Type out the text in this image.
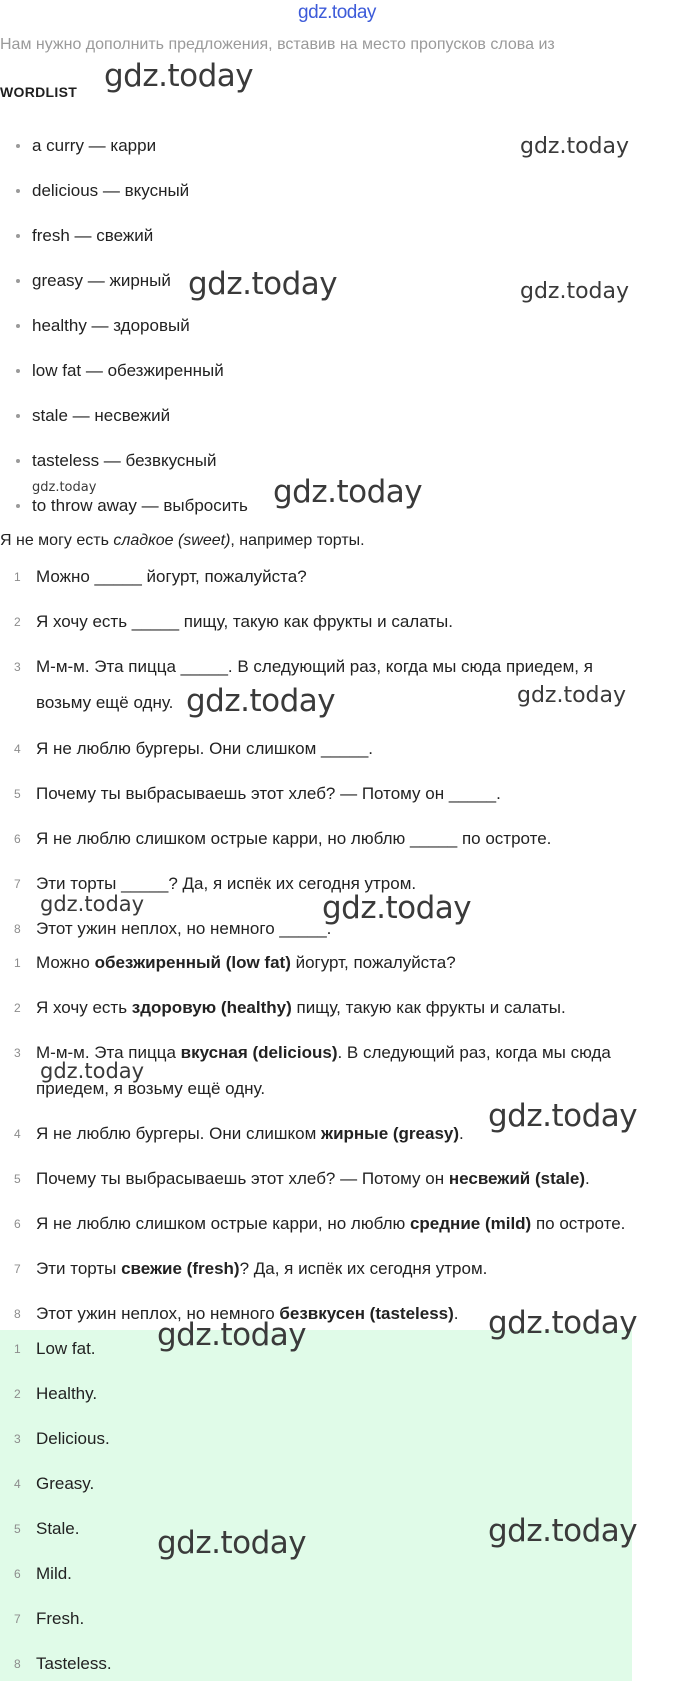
gdz.today
Нам нужно дополнить предложения, вставив на место пропусков слова из
WORDLIST
a curry — карри
delicious — вкусный
fresh — свежий
greasy — жирный
healthy — здоровый
low fat — обезжиренный
stale — несвежий
tasteless — безвкусный
to throw away — выбросить
Я не могу есть сладкое (sweet), например торты.
1 Можно _____ йогурт, пожалуйста?
2 Я хочу есть _____ пищу, такую как фрукты и салаты.
3 М-м-м. Эта пицца _____. В следующий раз, когда мы сюда приедем, я
возьму ещё одну.
4 Я не люблю бургеры. Они слишком _____.
5 Почему ты выбрасываешь этот хлеб? — Потому он _____.
6 Я не люблю слишком острые карри, но люблю _____ по остроте.
7 Эти торты _____? Да, я испёк их сегодня утром.
8 Этот ужин неплох, но немного _____.
1 Можно обезжиренный (low fat) йогурт, пожалуйста?
2 Я хочу есть здоровую (healthy) пищу, такую как фрукты и салаты.
3 М-м-м. Эта пицца вкусная (delicious). В следующий раз, когда мы сюда
приедем, я возьму ещё одну.
4 Я не люблю бургеры. Они слишком жирные (greasy).
5 Почему ты выбрасываешь этот хлеб? — Потому он несвежий (stale).
6 Я не люблю слишком острые карри, но люблю средние (mild) по остроте.
7 Эти торты свежие (fresh)? Да, я испёк их сегодня утром.
8 Этот ужин неплох, но немного безвкусен (tasteless).
1 Low fat.
2 Healthy.
3 Delicious.
4 Greasy.
5 Stale.
6 Mild.
7 Fresh.
8 Tasteless.
gdz.today
gdz.today
gdz.today	gdz.today
gdz.today	gdz.today
gdz.today	gdz.today
gdz.today	gdz.today
gdz.today
gdz.today
gdz.today
gdz.today
gdz.today
gdz.today
